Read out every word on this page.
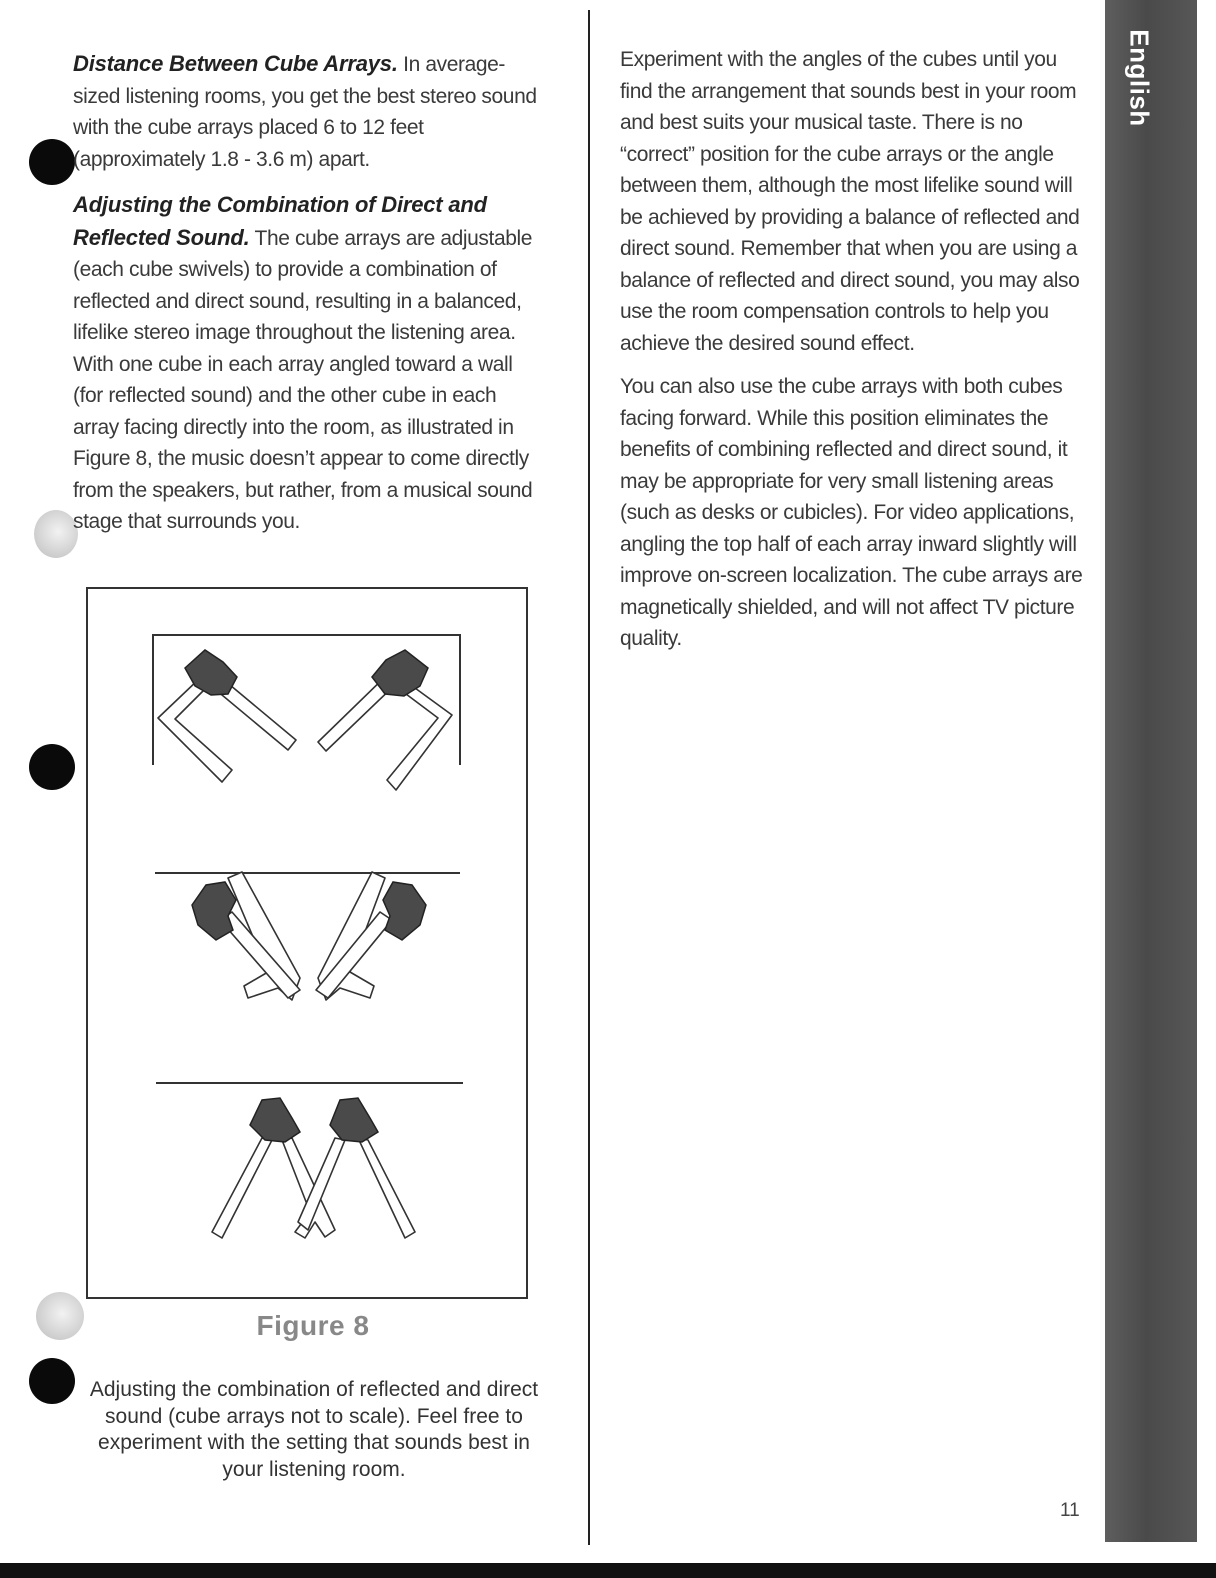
Distance Between Cube Arrays. In average-sized listening rooms, you get the best stereo sound with the cube arrays placed 6 to 12 feet (approximately 1.8 - 3.6 m) apart.

Adjusting the Combination of Direct and Reflected Sound. The cube arrays are adjustable (each cube swivels) to provide a combination of reflected and direct sound, resulting in a balanced, lifelike stereo image throughout the listening area. With one cube in each array angled toward a wall (for reflected sound) and the other cube in each array facing directly into the room, as illustrated in Figure 8, the music doesn’t appear to come directly from the speakers, but rather, from a musical sound stage that surrounds you.

Figure 8
Adjusting the combination of reflected and direct sound (cube arrays not to scale). Feel free to experiment with the setting that sounds best in your listening room.

Experiment with the angles of the cubes until you find the arrangement that sounds best in your room and best suits your musical taste. There is no “correct” position for the cube arrays or the angle between them, although the most lifelike sound will be achieved by providing a balance of reflected and direct sound. Remember that when you are using a balance of reflected and direct sound, you may also use the room compensation controls to help you achieve the desired sound effect.

You can also use the cube arrays with both cubes facing forward. While this position eliminates the benefits of combining reflected and direct sound, it may be appropriate for very small listening areas (such as desks or cubicles). For video applications, angling the top half of each array inward slightly will improve on-screen localization. The cube arrays are magnetically shielded, and will not affect TV picture quality.

English
11
